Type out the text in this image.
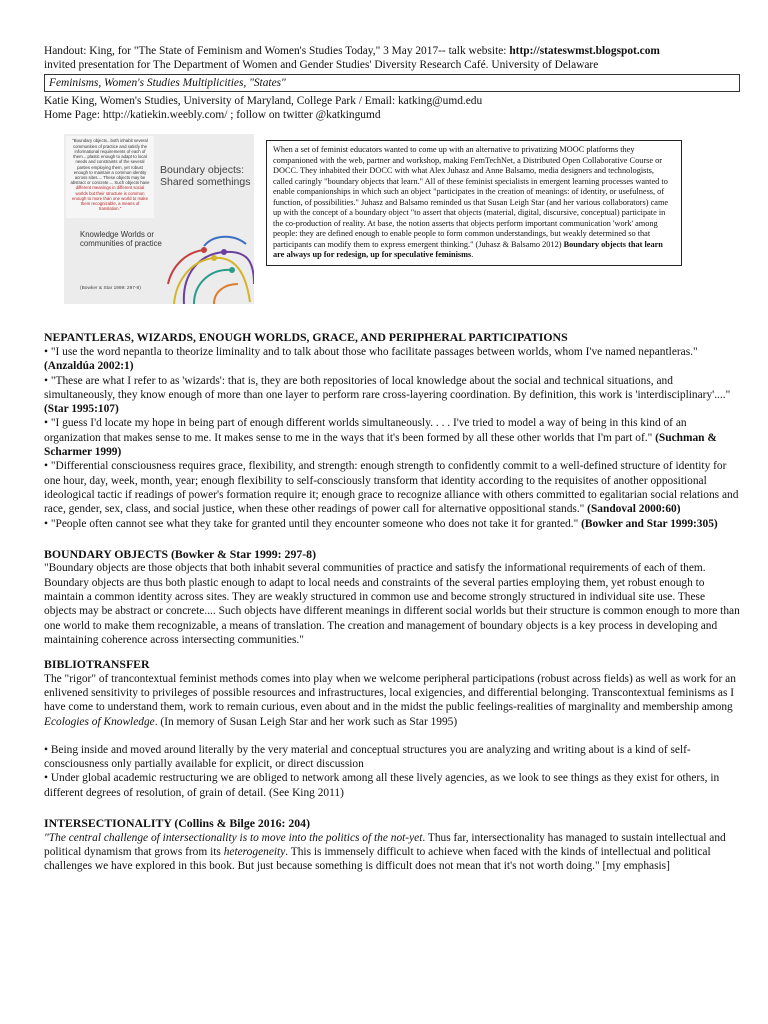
Handout: King, for "The State of Feminism and Women's Studies Today," 3 May 2017-- talk website: http://stateswmst.blogspot.com
invited presentation for The Department of Women and Gender Studies' Diversity Research Café. University of Delaware
Feminisms, Women's Studies Multiplicities, "States"
Katie King, Women's Studies, University of Maryland, College Park / Email: katking@umd.edu
Home Page: http://katiekin.weebly.com/ ; follow on twitter @katkingumd
"Boundary objects...both inhabit several
communities of practice and satisfy the
informational requirements of each of
them....plastic enough to adapt to local
needs and constraints of the several
parties employing them, yet robust
enough to maintain a common identity
across sites.... These objects may be
abstract or concrete.... Such objects have
different meanings in different social
worlds but their structure is common
enough to more than one world to make
them recognizable, a means of
translation."
Boundary objects:
Shared somethings
Knowledge Worlds or
communities of practice
(Bowker & Star 1999: 297-8)
When a set of feminist educators wanted to come up with an alternative to privatizing MOOC platforms they companioned with the web, partner and workshop, making FemTechNet, a Distributed Open Collaborative Course or DOCC. They inhabited their DOCC with what Alex Juhasz and Anne Balsamo, media designers and technologists, called caringly "boundary objects that learn." All of these feminist specialists in emergent learning processes wanted to enable companionships in which such an object "participates in the creation of meanings: of identity, or usefulness, of function, of possibilities." Juhasz and Balsamo reminded us that Susan Leigh Star (and her various collaborators) came up with the concept of a boundary object "to assert that objects (material, digital, discursive, conceptual) participate in the co-production of reality. At base, the notion asserts that objects perform important communication 'work' among people: they are defined enough to enable people to form common understandings, but weakly determined so that participants can modify them to express emergent thinking." (Juhasz & Balsamo 2012) Boundary objects that learn are always up for redesign, up for speculative feminisms.
NEPANTLERAS, WIZARDS, ENOUGH WORLDS, GRACE, AND PERIPHERAL PARTICIPATIONS

• "I use the word nepantla to theorize liminality and to talk about those who facilitate passages between worlds, whom I've named nepantleras." (Anzaldúa 2002:1)

• "These are what I refer to as 'wizards': that is, they are both repositories of local knowledge about the social and technical situations, and simultaneously, they know enough of more than one layer to perform rare cross-layering coordination. By definition, this work is 'interdisciplinary'...." (Star 1995:107)

• "I guess I'd locate my hope in being part of enough different worlds simultaneously. . . . I've tried to model a way of being in this kind of an organization that makes sense to me. It makes sense to me in the ways that it's been formed by all these other worlds that I'm part of." (Suchman & Scharmer 1999)

• "Differential consciousness requires grace, flexibility, and strength: enough strength to confidently commit to a well-defined structure of identity for one hour, day, week, month, year; enough flexibility to self-consciously transform that identity according to the requisites of another oppositional ideological tactic if readings of power's formation require it; enough grace to recognize alliance with others committed to egalitarian social relations and race, gender, sex, class, and social justice, when these other readings of power call for alternative oppositional stands." (Sandoval 2000:60)

• "People often cannot see what they take for granted until they encounter someone who does not take it for granted." (Bowker and Star 1999:305)

BOUNDARY OBJECTS (Bowker & Star 1999: 297-8)

"Boundary objects are those objects that both inhabit several communities of practice and satisfy the informational requirements of each of them. Boundary objects are thus both plastic enough to adapt to local needs and constraints of the several parties employing them, yet robust enough to maintain a common identity across sites. They are weakly structured in common use and become strongly structured in individual site use. These objects may be abstract or concrete.... Such objects have different meanings in different social worlds but their structure is common enough to more than one world to make them recognizable, a means of translation. The creation and management of boundary objects is a key process in developing and maintaining coherence across intersecting communities."

BIBLIOTRANSFER

The "rigor" of trancontextual feminist methods comes into play when we welcome peripheral participations (robust across fields) as well as work for an enlivened sensitivity to privileges of possible resources and infrastructures, local exigencies, and differential belonging. Transcontextual feminisms as I have come to understand them, work to remain curious, even about and in the midst the public feelings-realities of marginality and membership among Ecologies of Knowledge. (In memory of Susan Leigh Star and her work such as Star 1995)

• Being inside and moved around literally by the very material and conceptual structures you are analyzing and writing about is a kind of self-consciousness only partially available for explicit, or direct discussion

• Under global academic restructuring we are obliged to network among all these lively agencies, as we look to see things as they exist for others, in different degrees of resolution, of grain of detail. (See King 2011)

INTERSECTIONALITY (Collins & Bilge 2016: 204)

"The central challenge of intersectionality is to move into the politics of the not-yet. Thus far, intersectionality has managed to sustain intellectual and political dynamism that grows from its heterogeneity. This is immensely difficult to achieve when faced with the kinds of intellectual and political challenges we have explored in this book. But just because something is difficult does not mean that it's not worth doing." [my emphasis]
